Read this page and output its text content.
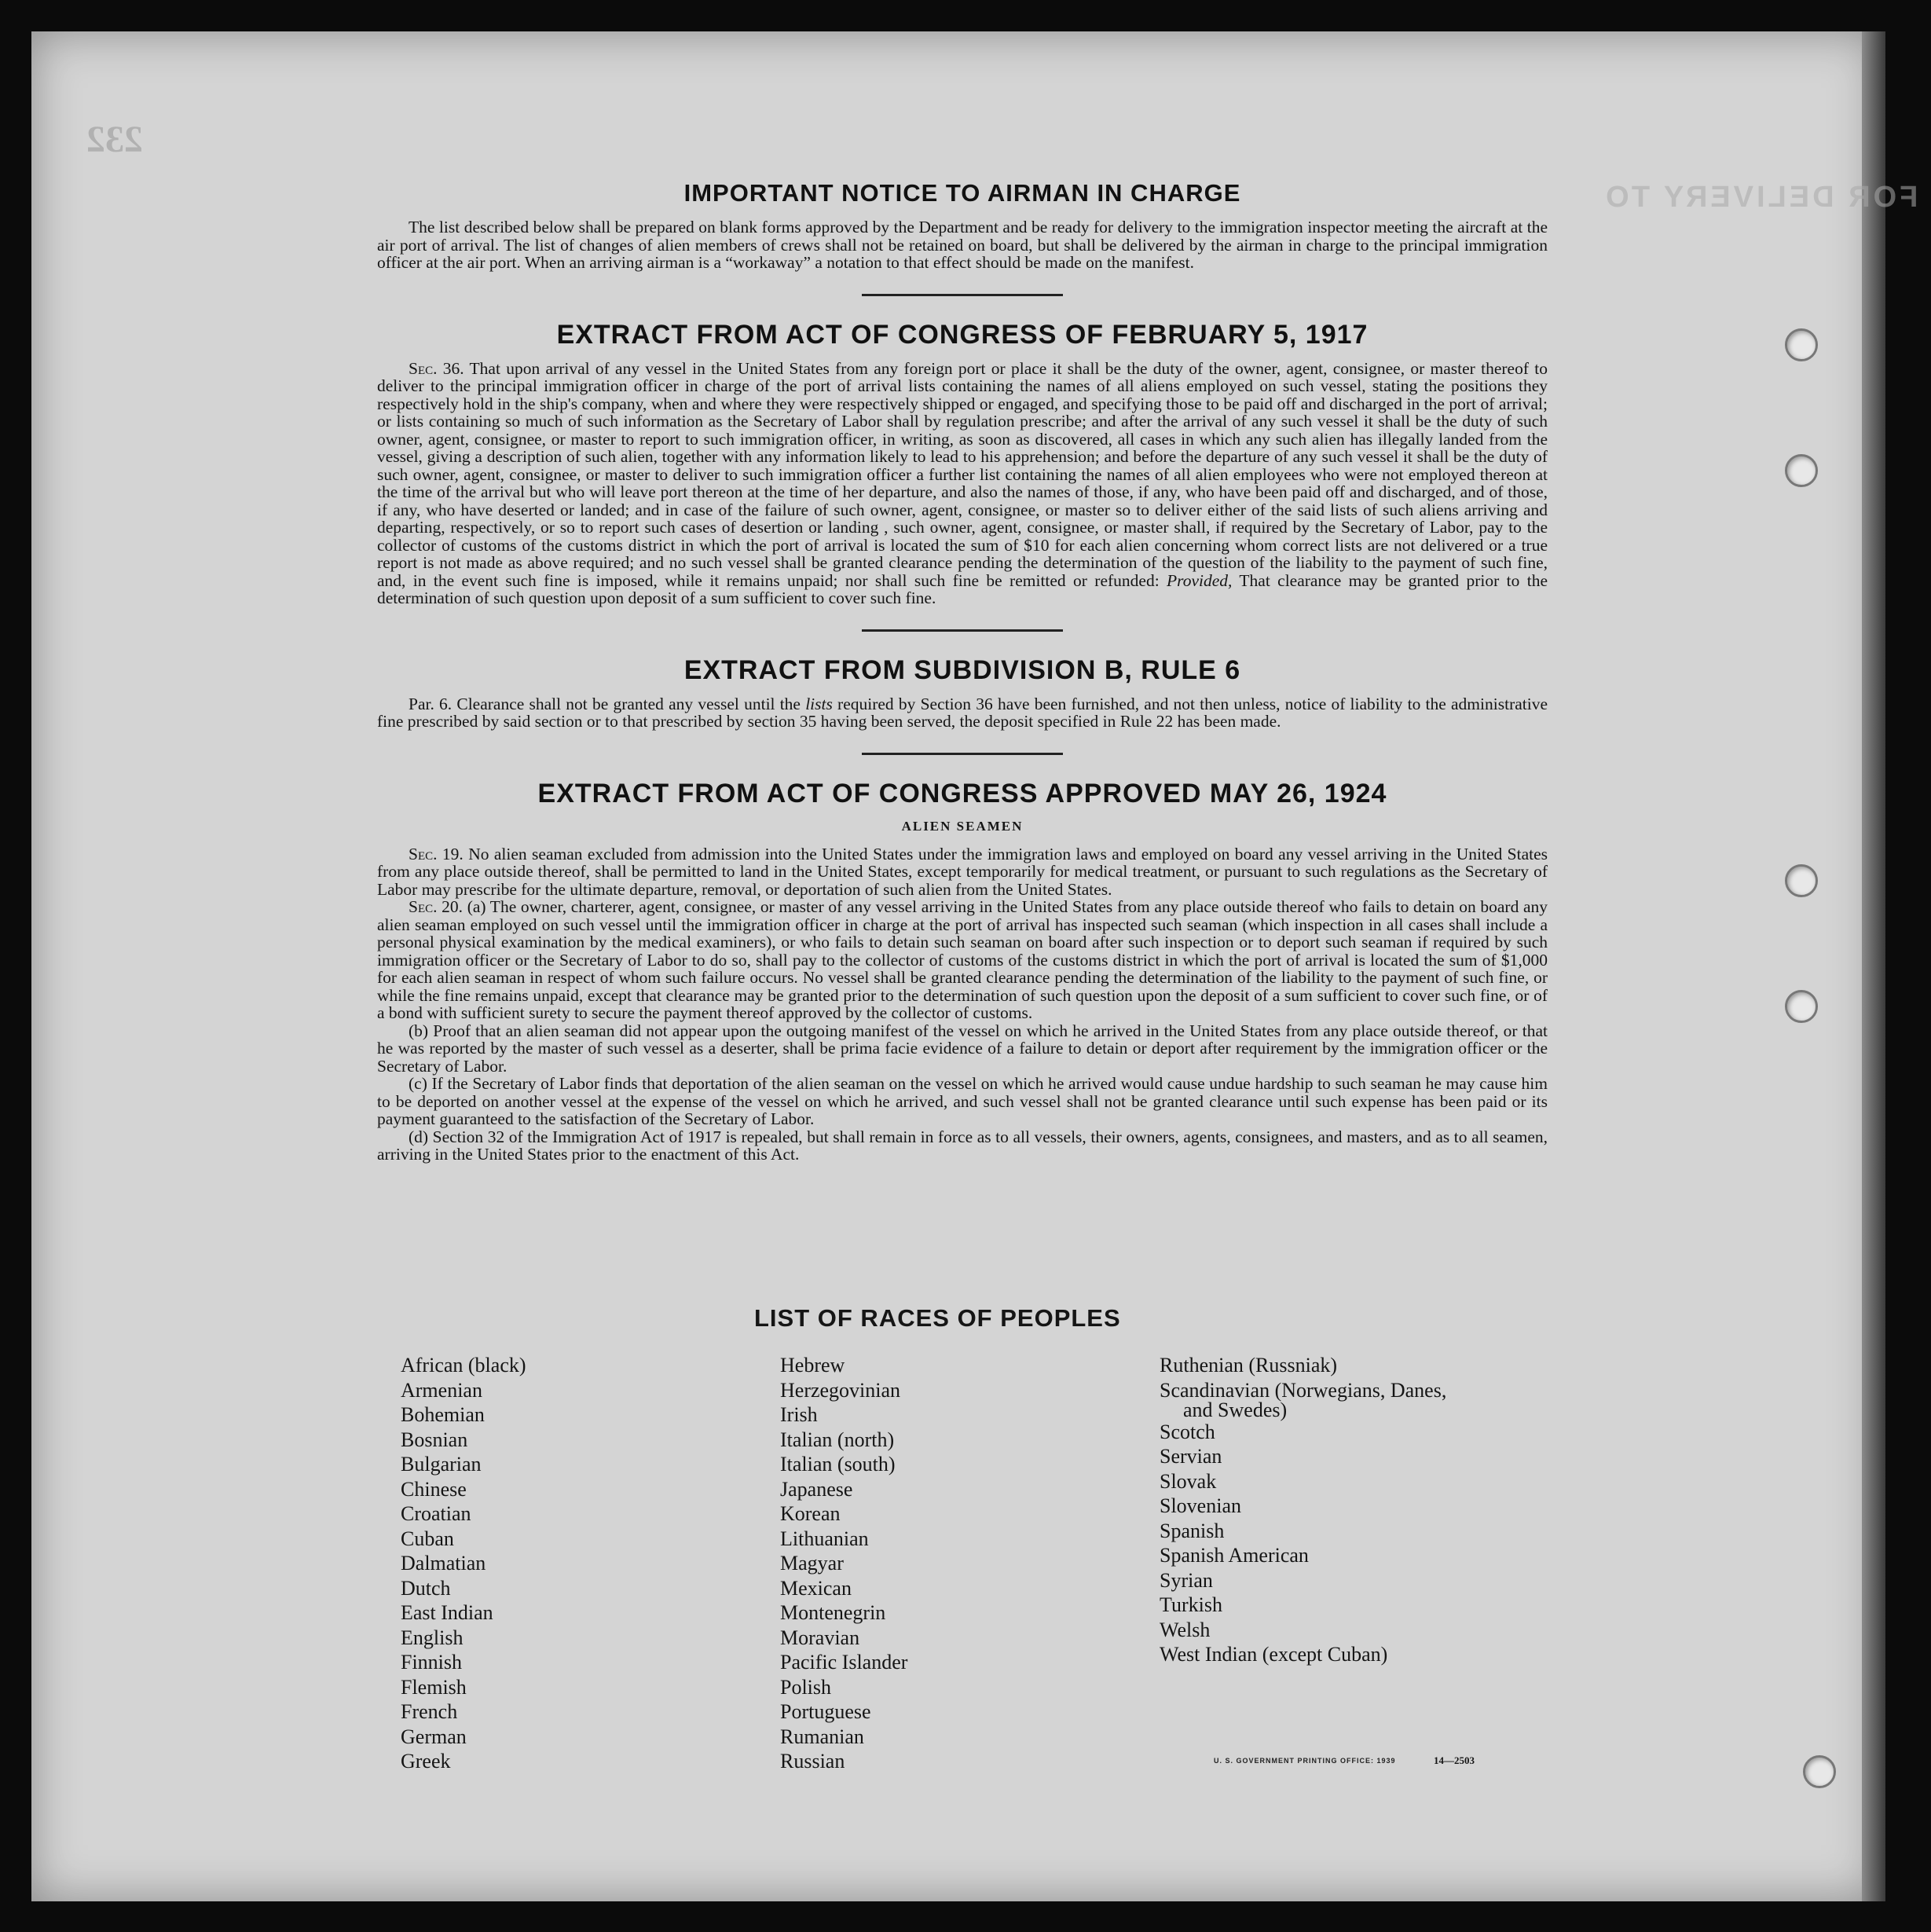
232
FOR DELIVERY TO
IMPORTANT NOTICE TO AIRMAN IN CHARGE

The list described below shall be prepared on blank forms approved by the Department and be ready for delivery to the immigration inspector meeting the aircraft at the air port of arrival. The list of changes of alien members of crews shall not be retained on board, but shall be delivered by the airman in charge to the principal immigration officer at the air port. When an arriving airman is a “workaway” a notation to that effect should be made on the manifest.

EXTRACT FROM ACT OF CONGRESS OF FEBRUARY 5, 1917

Sec. 36. That upon arrival of any vessel in the United States from any foreign port or place it shall be the duty of the owner, agent, consignee, or master thereof to deliver to the principal immigration officer in charge of the port of arrival lists containing the names of all aliens employed on such vessel, stating the positions they respectively hold in the ship's company, when and where they were respectively shipped or engaged, and specifying those to be paid off and discharged in the port of arrival; or lists containing so much of such information as the Secretary of Labor shall by regulation prescribe; and after the arrival of any such vessel it shall be the duty of such owner, agent, consignee, or master to report to such immigration officer, in writing, as soon as discovered, all cases in which any such alien has illegally landed from the vessel, giving a description of such alien, together with any information likely to lead to his apprehension; and before the departure of any such vessel it shall be the duty of such owner, agent, consignee, or master to deliver to such immigration officer a further list containing the names of all alien employees who were not employed thereon at the time of the arrival but who will leave port thereon at the time of her departure, and also the names of those, if any, who have been paid off and discharged, and of those, if any, who have deserted or landed; and in case of the failure of such owner, agent, consignee, or master so to deliver either of the said lists of such aliens arriving and departing, respectively, or so to report such cases of desertion or landing , such owner, agent, consignee, or master shall, if required by the Secretary of Labor, pay to the collector of customs of the customs district in which the port of arrival is located the sum of $10 for each alien concerning whom correct lists are not delivered or a true report is not made as above required; and no such vessel shall be granted clearance pending the determination of the question of the liability to the payment of such fine, and, in the event such fine is imposed, while it remains unpaid; nor shall such fine be remitted or refunded: Provided, That clearance may be granted prior to the determination of such question upon deposit of a sum sufficient to cover such fine.

EXTRACT FROM SUBDIVISION B, RULE 6

Par. 6. Clearance shall not be granted any vessel until the lists required by Section 36 have been furnished, and not then unless, notice of liability to the administrative fine prescribed by said section or to that prescribed by section 35 having been served, the deposit specified in Rule 22 has been made.

EXTRACT FROM ACT OF CONGRESS APPROVED MAY 26, 1924
ALIEN SEAMEN

Sec. 19. No alien seaman excluded from admission into the United States under the immigration laws and employed on board any vessel arriving in the United States from any place outside thereof, shall be permitted to land in the United States, except temporarily for medical treatment, or pursuant to such regulations as the Secretary of Labor may prescribe for the ultimate departure, removal, or deportation of such alien from the United States.

Sec. 20. (a) The owner, charterer, agent, consignee, or master of any vessel arriving in the United States from any place outside thereof who fails to detain on board any alien seaman employed on such vessel until the immigration officer in charge at the port of arrival has inspected such seaman (which inspection in all cases shall include a personal physical examination by the medical examiners), or who fails to detain such seaman on board after such inspection or to deport such seaman if required by such immigration officer or the Secretary of Labor to do so, shall pay to the collector of customs of the customs district in which the port of arrival is located the sum of $1,000 for each alien seaman in respect of whom such failure occurs. No vessel shall be granted clearance pending the determination of the liability to the payment of such fine, or while the fine remains unpaid, except that clearance may be granted prior to the determination of such question upon the deposit of a sum sufficient to cover such fine, or of a bond with sufficient surety to secure the payment thereof approved by the collector of customs.

(b) Proof that an alien seaman did not appear upon the outgoing manifest of the vessel on which he arrived in the United States from any place outside thereof, or that he was reported by the master of such vessel as a deserter, shall be prima facie evidence of a failure to detain or deport after requirement by the immigration officer or the Secretary of Labor.

(c) If the Secretary of Labor finds that deportation of the alien seaman on the vessel on which he arrived would cause undue hardship to such seaman he may cause him to be deported on another vessel at the expense of the vessel on which he arrived, and such vessel shall not be granted clearance until such expense has been paid or its payment guaranteed to the satisfaction of the Secretary of Labor.

(d) Section 32 of the Immigration Act of 1917 is repealed, but shall remain in force as to all vessels, their owners, agents, consignees, and masters, and as to all seamen, arriving in the United States prior to the enactment of this Act.

LIST OF RACES OF PEOPLES
African (black)
Armenian
Bohemian
Bosnian
Bulgarian
Chinese
Croatian
Cuban
Dalmatian
Dutch
East Indian
English
Finnish
Flemish
French
German
Greek
Hebrew
Herzegovinian
Irish
Italian (north)
Italian (south)
Japanese
Korean
Lithuanian
Magyar
Mexican
Montenegrin
Moravian
Pacific Islander
Polish
Portuguese
Rumanian
Russian
Ruthenian (Russniak)
Scandinavian (Norwegians, Danes,
and Swedes)
Scotch
Servian
Slovak
Slovenian
Spanish
Spanish American
Syrian
Turkish
Welsh
West Indian (except Cuban)
U. S. GOVERNMENT PRINTING OFFICE: 1939	14—2503
